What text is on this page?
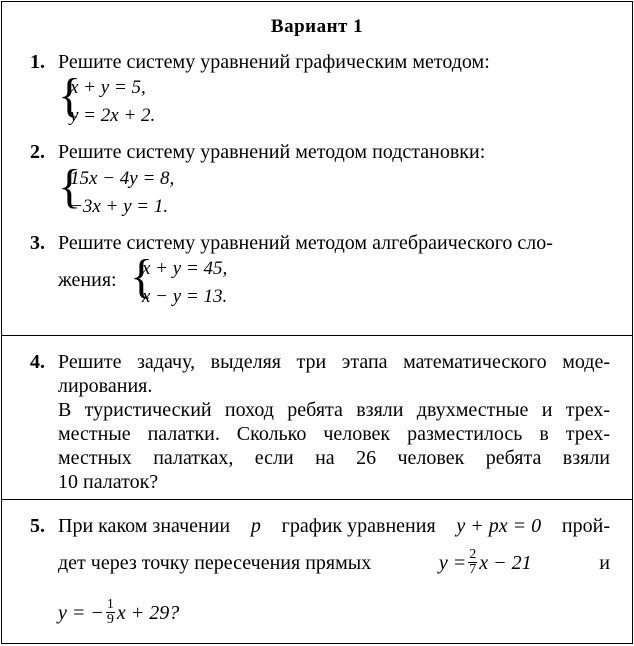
Вариант 1
1. Решите систему уравнений графическим методом:
{
x + y = 5,
y = 2x + 2.
2. Решите систему уравнений методом подстановки:
{
15x − 4y = 8,
−3x + y = 1.
3. Решите систему уравнений методом алгебраического сло-
жения: {
x + y = 45,
x − y = 13.
4. Решите задачу, выделяя три этапа математического моде-
лирования.
В туристический поход ребята взяли двухместные и трех-
местные палатки. Сколько человек разместилось в трех-
местных палатках, если на 26 человек ребята взяли
10 палаток?
5. При каком значении p график уравнения y + px = 0 прой-
дет через точку пересечения прямых	$y = \frac{2}{7}$ x − 21	и
y = − $\frac{1}{9}$ x + 29?
